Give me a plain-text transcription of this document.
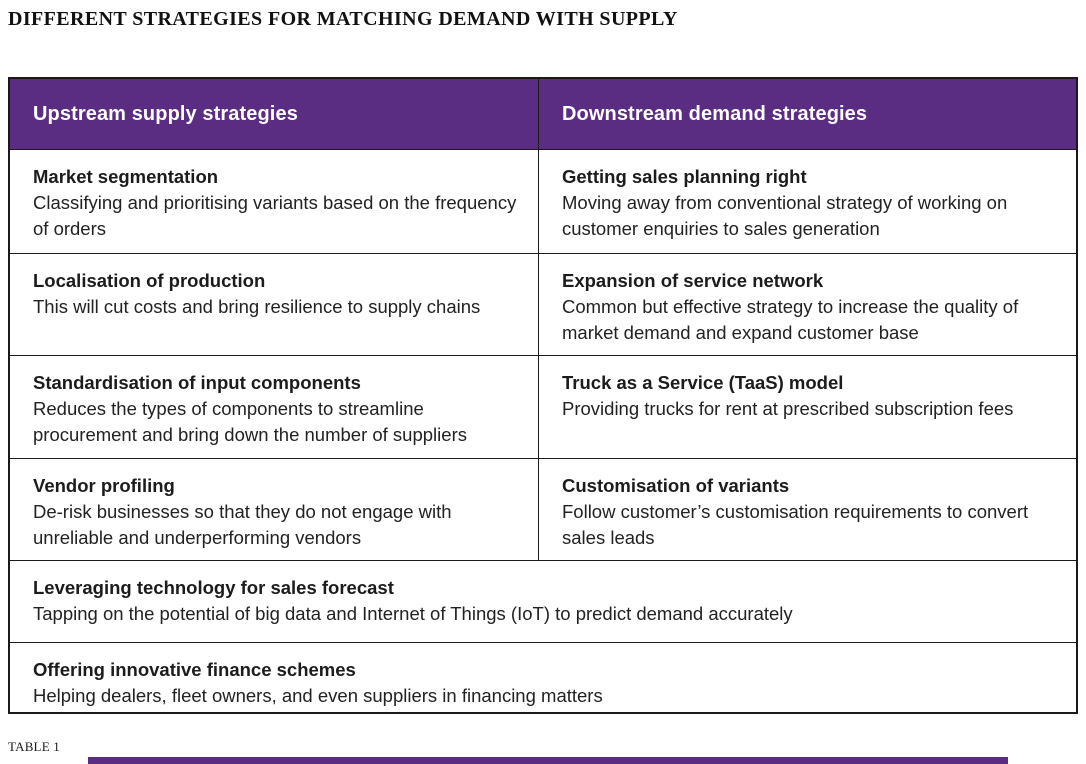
DIFFERENT STRATEGIES FOR MATCHING DEMAND WITH SUPPLY
Upstream supply strategies	Downstream demand strategies
Market segmentation
Classifying and prioritising variants based on the frequency of orders
Getting sales planning right
Moving away from conventional strategy of working on customer enquiries to sales generation
Localisation of production
This will cut costs and bring resilience to supply chains
Expansion of service network
Common but effective strategy to increase the quality of market demand and expand customer base
Standardisation of input components
Reduces the types of components to streamline procurement and bring down the number of suppliers
Truck as a Service (TaaS) model
Providing trucks for rent at prescribed subscription fees
Vendor profiling
De-risk businesses so that they do not engage with unreliable and underperforming vendors
Customisation of variants
Follow customer’s customisation requirements to convert sales leads
Leveraging technology for sales forecast
Tapping on the potential of big data and Internet of Things (IoT) to predict demand accurately
Offering innovative finance schemes
Helping dealers, fleet owners, and even suppliers in financing matters
TABLE 1
